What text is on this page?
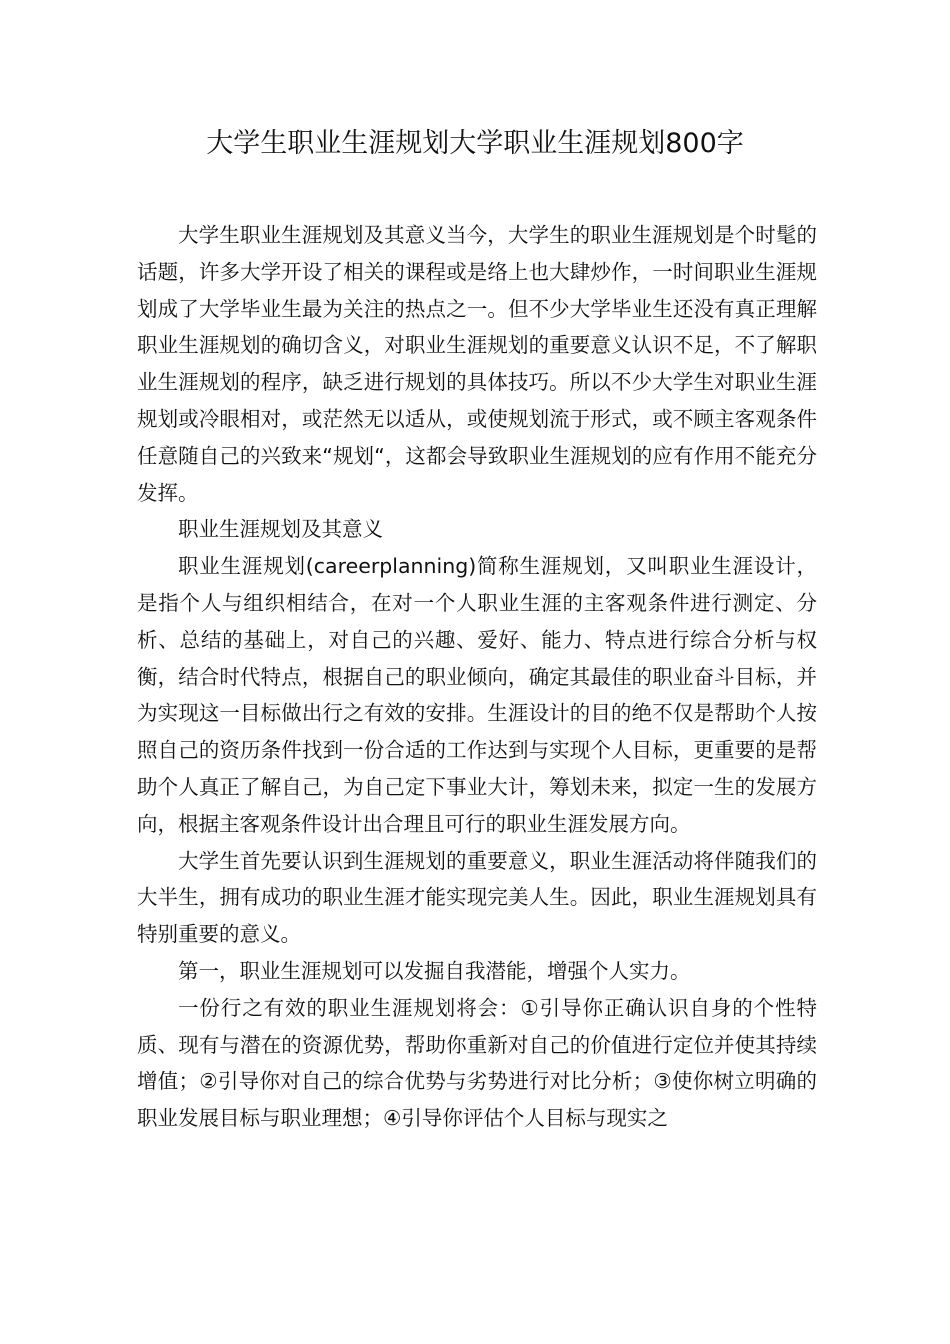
大学生职业生涯规划大学职业生涯规划800字

大学生职业生涯规划及其意义当今，大学生的职业生涯规划是个时髦的话题，许多大学开设了相关的课程或是络上也大肆炒作，一时间职业生涯规划成了大学毕业生最为关注的热点之一。但不少大学毕业生还没有真正理解职业生涯规划的确切含义，对职业生涯规划的重要意义认识不足，不了解职业生涯规划的程序，缺乏进行规划的具体技巧。所以不少大学生对职业生涯规划或冷眼相对，或茫然无以适从，或使规划流于形式，或不顾主客观条件任意随自己的兴致来“规划“，这都会导致职业生涯规划的应有作用不能充分发挥。

职业生涯规划及其意义

职业生涯规划(careerplanning)简称生涯规划，又叫职业生涯设计，是指个人与组织相结合，在对一个人职业生涯的主客观条件进行测定、分析、总结的基础上，对自己的兴趣、爱好、能力、特点进行综合分析与权衡，结合时代特点，根据自己的职业倾向，确定其最佳的职业奋斗目标，并为实现这一目标做出行之有效的安排。生涯设计的目的绝不仅是帮助个人按照自己的资历条件找到一份合适的工作达到与实现个人目标，更重要的是帮助个人真正了解自己，为自己定下事业大计，筹划未来，拟定一生的发展方向，根据主客观条件设计出合理且可行的职业生涯发展方向。

大学生首先要认识到生涯规划的重要意义，职业生涯活动将伴随我们的大半生，拥有成功的职业生涯才能实现完美人生。因此，职业生涯规划具有特别重要的意义。

第一，职业生涯规划可以发掘自我潜能，增强个人实力。

一份行之有效的职业生涯规划将会：①引导你正确认识自身的个性特质、现有与潜在的资源优势，帮助你重新对自己的价值进行定位并使其持续增值；②引导你对自己的综合优势与劣势进行对比分析；③使你树立明确的职业发展目标与职业理想；④引导你评估个人目标与现实之
